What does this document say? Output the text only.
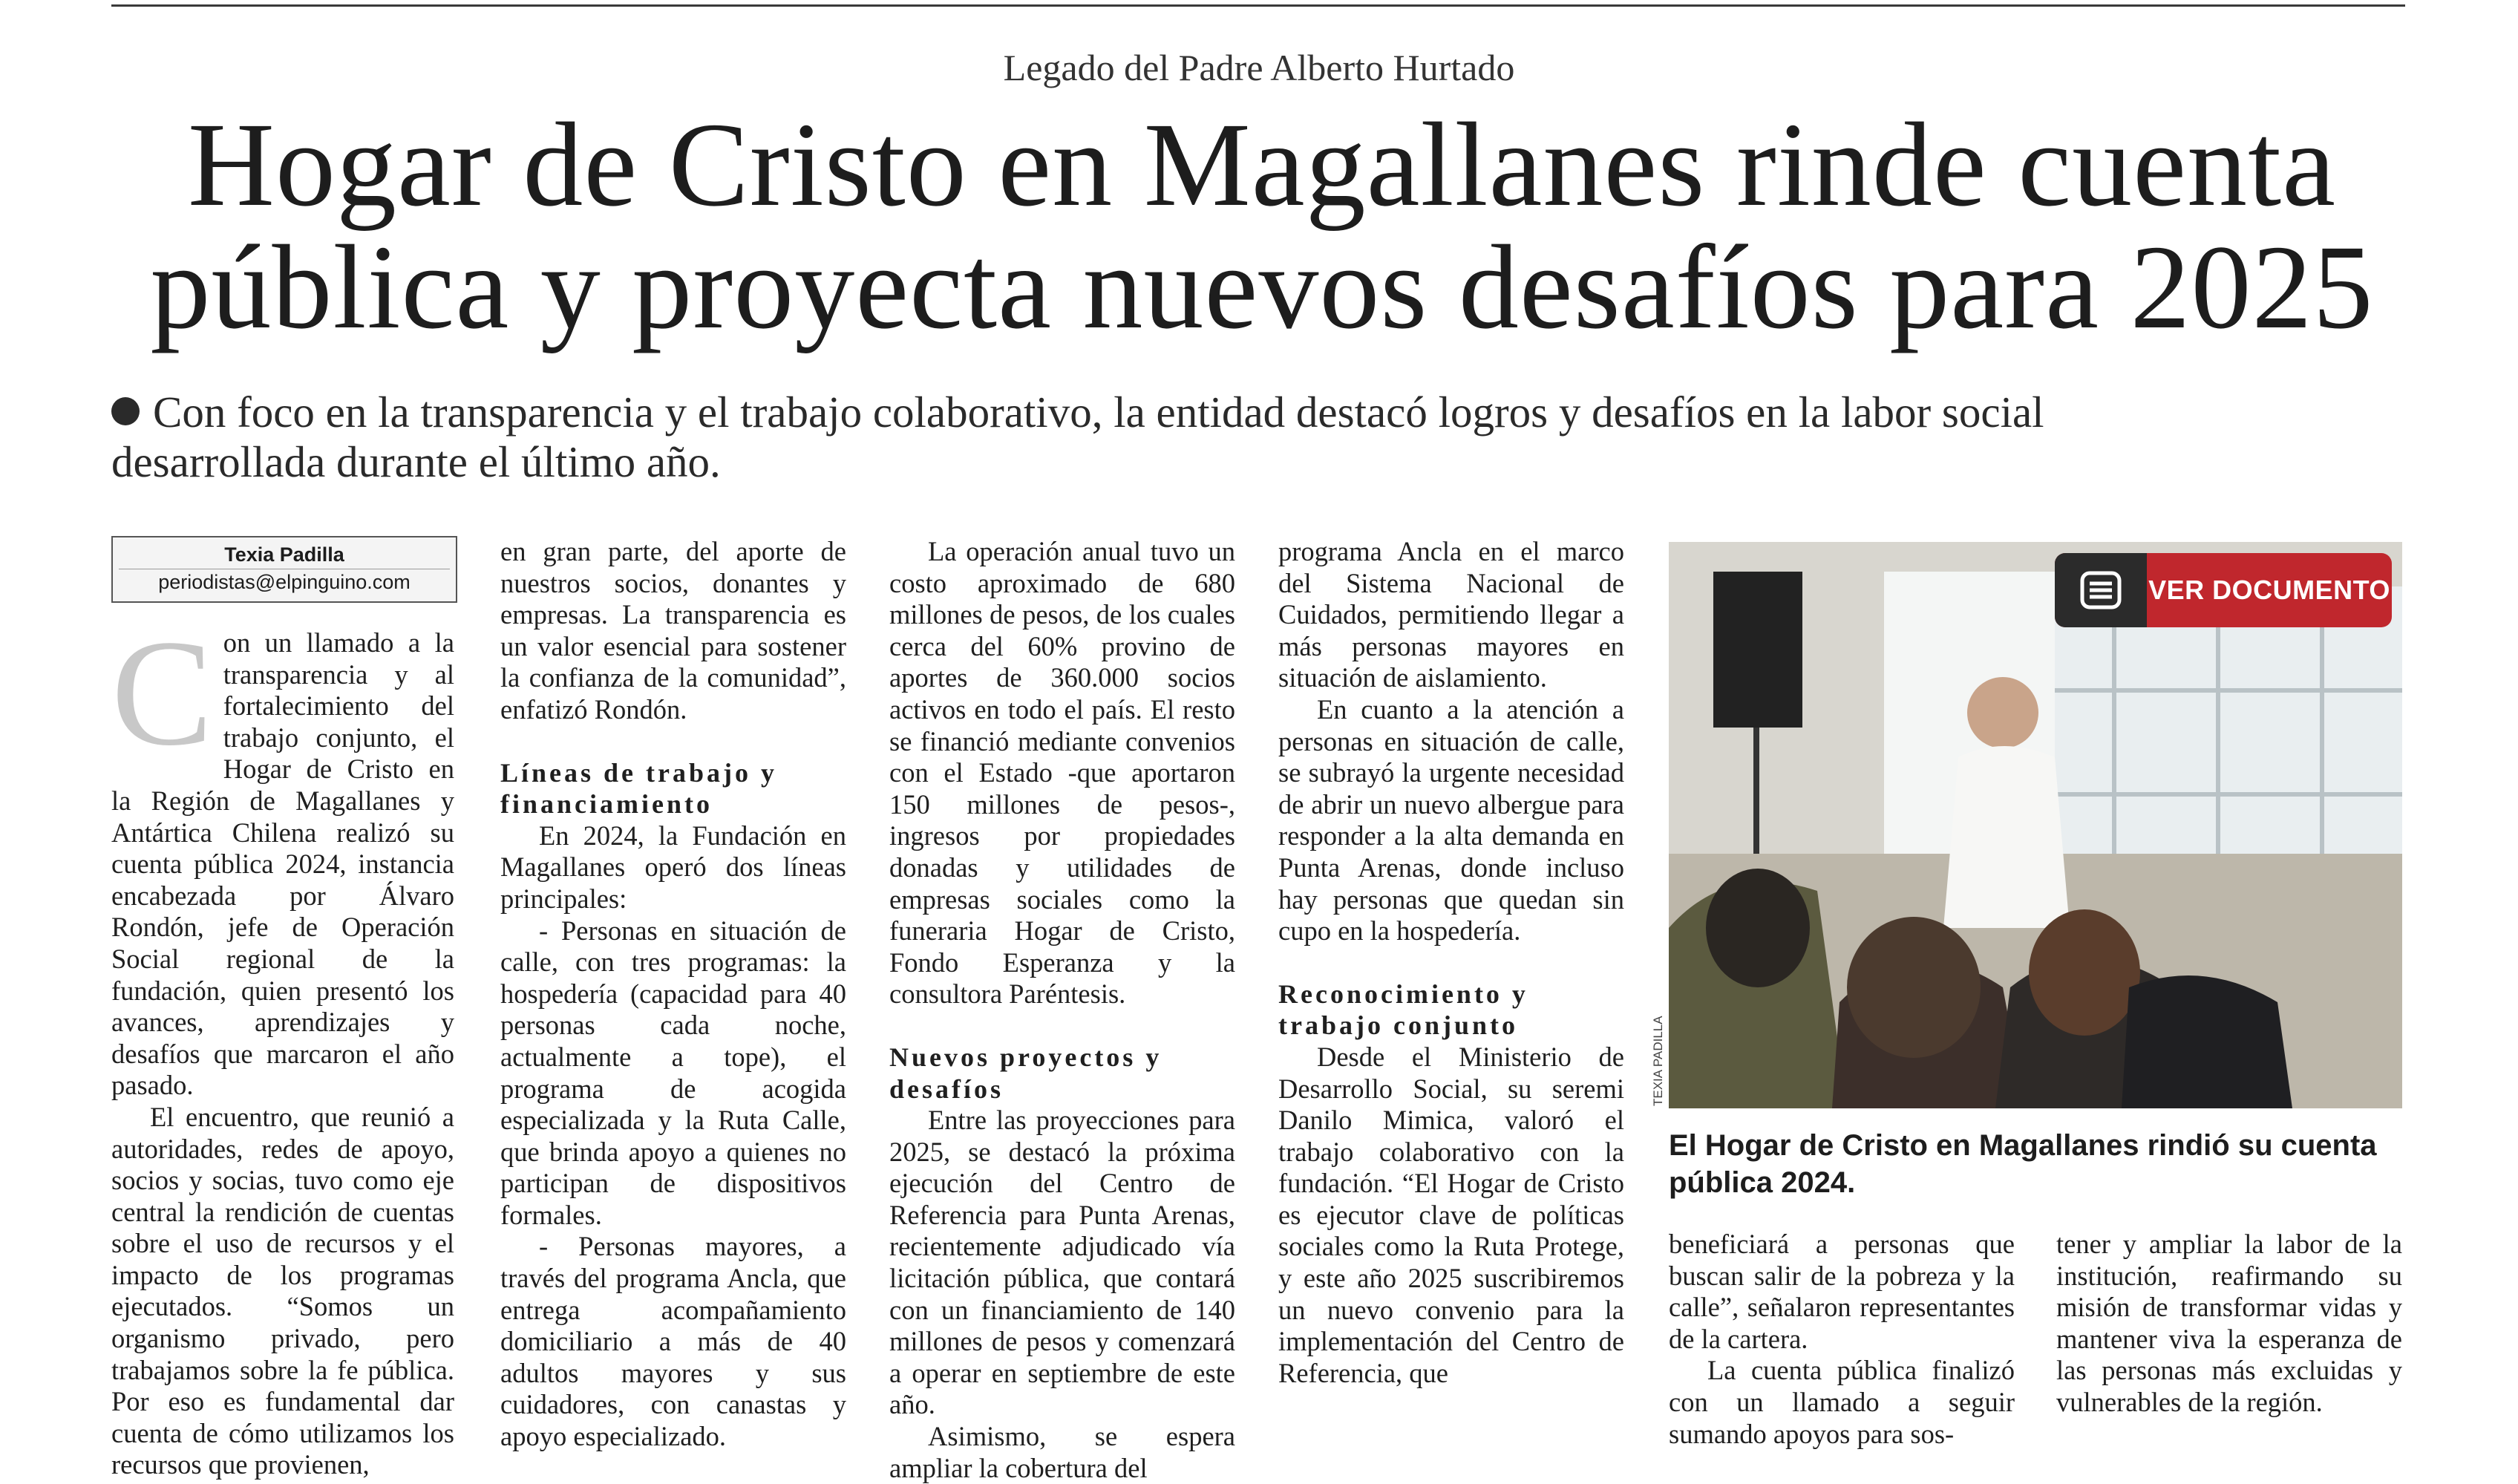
Legado del Padre Alberto Hurtado
Hogar de Cristo en Magallanes rinde cuenta
pública y proyecta nuevos desafíos para 2025
Con foco en la transparencia y el trabajo colaborativo, la entidad destacó logros y desafíos en la labor social desarrollada durante el último año.
Texia Padilla
periodistas@elpinguino.com
C on un llamado a la transparencia y al fortalecimiento del trabajo conjunto, el Hogar de Cristo en la Región de Magallanes y Antártica Chilena realizó su cuenta pública 2024, instancia encabezada por Álvaro Rondón, jefe de Operación Social regional de la fundación, quien presentó los avances, aprendizajes y desafíos que marcaron el año pasado.

El encuentro, que reunió a autoridades, redes de apoyo, socios y socias, tuvo como eje central la rendición de cuentas sobre el uso de recursos y el impacto de los programas ejecutados. “Somos un organismo privado, pero trabajamos sobre la fe pública. Por eso es fundamental dar cuenta de cómo utilizamos los recursos que provienen,

en gran parte, del aporte de nuestros socios, donantes y empresas. La transparencia es un valor esencial para sostener la confianza de la comunidad”, enfatizó Rondón.

Líneas de trabajo y financiamiento

En 2024, la Fundación en Magallanes operó dos líneas principales:

- Personas en situación de calle, con tres programas: la hospedería (capacidad para 40 personas cada noche, actualmente a tope), el programa de acogida especializada y la Ruta Calle, que brinda apoyo a quienes no participan de dispositivos formales.

- Personas mayores, a través del programa Ancla, que entrega acompañamiento domiciliario a más de 40 adultos mayores y sus cuidadores, con canastas y apoyo especializado.

La operación anual tuvo un costo aproximado de 680 millones de pesos, de los cuales cerca del 60% provino de aportes de 360.000 socios activos en todo el país. El resto se financió mediante convenios con el Estado -que aportaron 150 millones de pesos-, ingresos por propiedades donadas y utilidades de empresas sociales como la funeraria Hogar de Cristo, Fondo Esperanza y la consultora Paréntesis.

Nuevos proyectos y desafíos

Entre las proyecciones para 2025, se destacó la próxima ejecución del Centro de Referencia para Punta Arenas, recientemente adjudicado vía licitación pública, que contará con un financiamiento de 140 millones de pesos y comenzará a operar en septiembre de este año.

Asimismo, se espera ampliar la cobertura del

programa Ancla en el marco del Sistema Nacional de Cuidados, permitiendo llegar a más personas mayores en situación de aislamiento.

En cuanto a la atención a personas en situación de calle, se subrayó la urgente necesidad de abrir un nuevo albergue para responder a la alta demanda en Punta Arenas, donde incluso hay personas que quedan sin cupo en la hospedería.

Reconocimiento y trabajo conjunto

Desde el Ministerio de Desarrollo Social, su seremi Danilo Mimica, valoró el trabajo colaborativo con la fundación. “El Hogar de Cristo es ejecutor clave de políticas sociales como la Ruta Protege, y este año 2025 suscribiremos un nuevo convenio para la implementación del Centro de Referencia, que

TEXIA PADILLA
VER DOCUMENTO
El Hogar de Cristo en Magallanes rindió su cuenta pública 2024.

beneficiará a personas que buscan salir de la pobreza y la calle”, señalaron representantes de la cartera.

La cuenta pública finalizó con un llamado a seguir sumando apoyos para sos-

tener y ampliar la labor de la institución, reafirmando su misión de transformar vidas y mantener viva la esperanza de las personas más excluidas y vulnerables de la región.
